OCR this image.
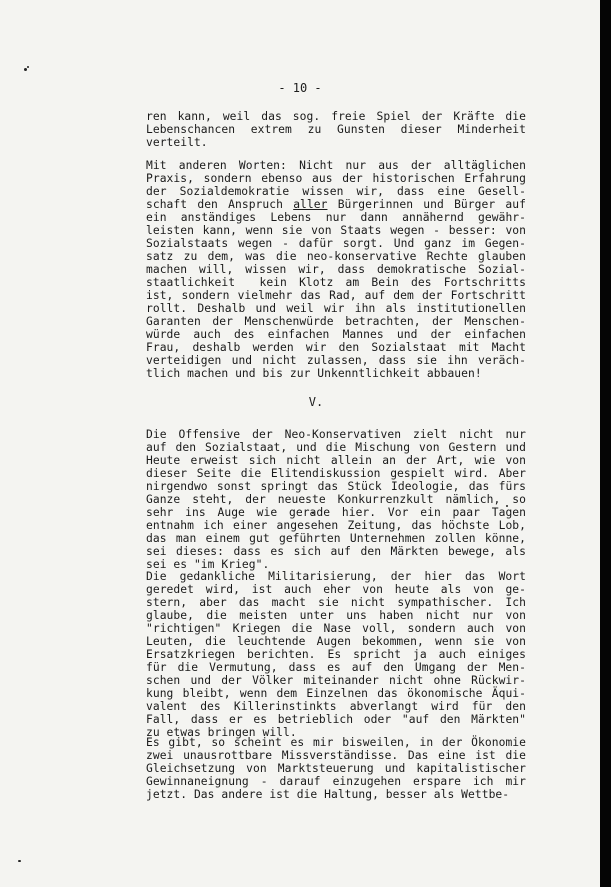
- 10 -

ren kann, weil das sog. freie Spiel der Kräfte die
Lebenschancen extrem zu Gunsten dieser Minderheit
verteilt.
Mit anderen Worten: Nicht nur aus der alltäglichen
Praxis, sondern ebenso aus der historischen Erfahrung
der Sozialdemokratie wissen wir, dass eine Gesell-
schaft den Anspruch aller Bürgerinnen und Bürger auf
ein anständiges Lebens nur dann annähernd gewähr-
leisten kann, wenn sie von Staats wegen - besser: von
Sozialstaats wegen - dafür sorgt. Und ganz im Gegen-
satz zu dem, was die neo-konservative Rechte glauben
machen will, wissen wir, dass demokratische Sozial-
staatlichkeit  kein Klotz am Bein des Fortschritts
ist, sondern vielmehr das Rad, auf dem der Fortschritt
rollt. Deshalb und weil wir ihn als institutionellen
Garanten der Menschenwürde betrachten, der Menschen-
würde auch des einfachen Mannes und der einfachen
Frau, deshalb werden wir den Sozialstaat mit Macht
verteidigen und nicht zulassen, dass sie ihn veräch-
tlich machen und bis zur Unkenntlichkeit abbauen!

V.

Die Offensive der Neo-Konservativen zielt nicht nur
auf den Sozialstaat, und die Mischung von Gestern und
Heute erweist sich nicht allein an der Art, wie von
dieser Seite die Elitendiskussion gespielt wird. Aber
nirgendwo sonst springt das Stück Ideologie, das fürs
Ganze steht, der neueste Konkurrenzkult nämlich, so
sehr ins Auge wie gerade hier. Vor ein paar Tagen
entnahm ich einer angesehen Zeitung, das höchste Lob,
das man einem gut geführten Unternehmen zollen könne,
sei dieses: dass es sich auf den Märkten bewege, als
sei es "im Krieg".
Die gedankliche Militarisierung, der hier das Wort
geredet wird, ist auch eher von heute als von ge-
stern, aber das macht sie nicht sympathischer. Ich
glaube, die meisten unter uns haben nicht nur von
"richtigen" Kriegen die Nase voll, sondern auch von
Leuten, die leuchtende Augen bekommen, wenn sie von
Ersatzkriegen berichten. Es spricht ja auch einiges
für die Vermutung, dass es auf den Umgang der Men-
schen und der Völker miteinander nicht ohne Rückwir-
kung bleibt, wenn dem Einzelnen das ökonomische Äqui-
valent des Killerinstinkts abverlangt wird für den
Fall, dass er es betrieblich oder "auf den Märkten"
zu etwas bringen will.
Es gibt, so scheint es mir bisweilen, in der Ökonomie
zwei unausrottbare Missverständisse. Das eine ist die
Gleichsetzung von Marktsteuerung und kapitalistischer
Gewinnaneignung - darauf einzugehen erspare ich mir
jetzt. Das andere ist die Haltung, besser als Wettbe-
